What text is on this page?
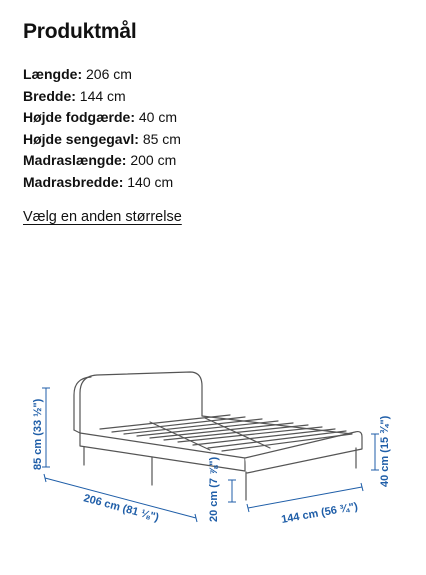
Produktmål
Længde: 206 cm
Bredde: 144 cm
Højde fodgærde: 40 cm
Højde sengegavl: 85 cm
Madraslængde: 200 cm
Madrasbredde: 140 cm
Vælg en anden størrelse
85 cm (33 ½")
206 cm (81 ⅛")	20 cm (7 ⅞")	144 cm (56 ¾")
40 cm (15 ¾")
